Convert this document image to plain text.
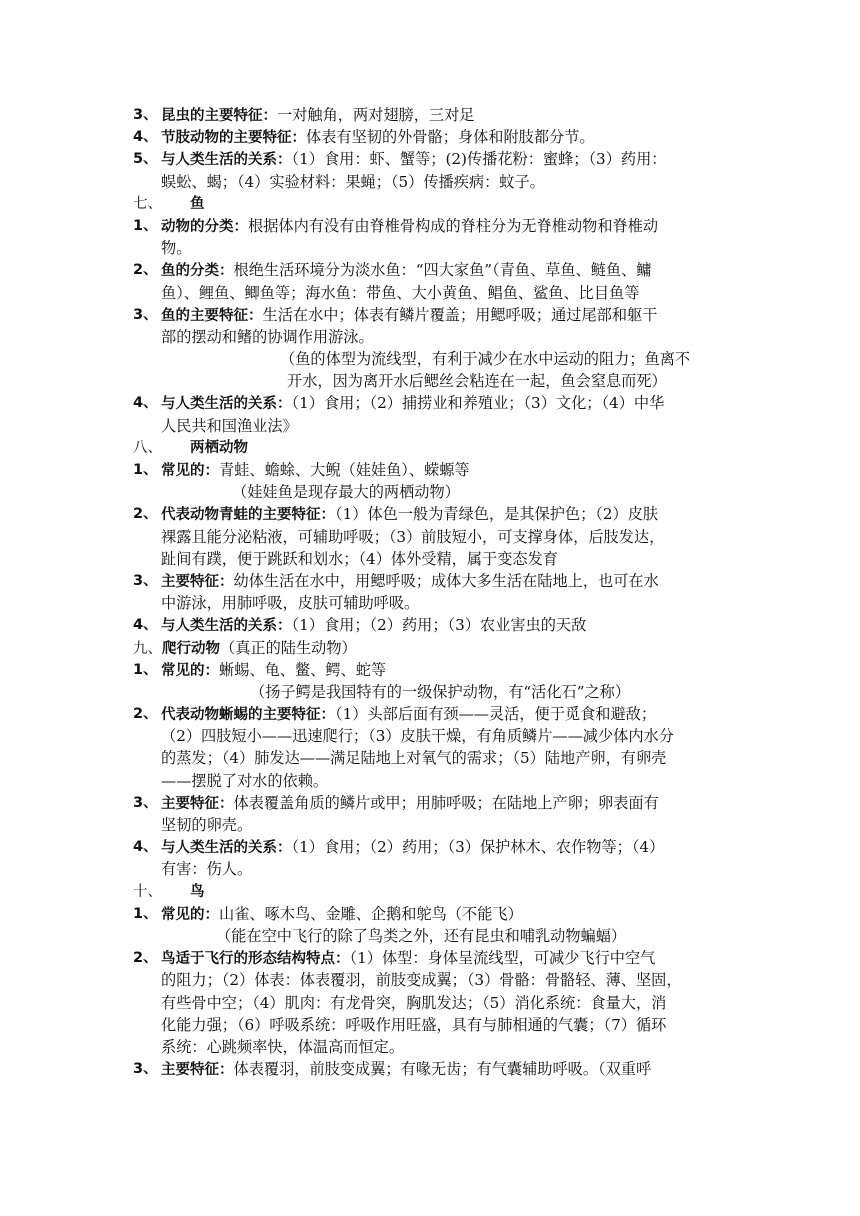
3、 昆虫的主要特征：一对触角，两对翅膀，三对足
4、 节肢动物的主要特征：体表有坚韧的外骨骼；身体和附肢都分节。
5、 与人类生活的关系：（1）食用：虾、蟹等；(2)传播花粉：蜜蜂；（3）药用：
蜈蚣、蝎；（4）实验材料：果蝇；（5）传播疾病：蚊子。
七、 鱼
1、 动物的分类：根据体内有没有由脊椎骨构成的脊柱分为无脊椎动物和脊椎动
物。
2、 鱼的分类：根绝生活环境分为淡水鱼：“四大家鱼”（青鱼、草鱼、鲢鱼、鳙
鱼）、鲤鱼、鲫鱼等；海水鱼：带鱼、大小黄鱼、鲳鱼、鲨鱼、比目鱼等
3、 鱼的主要特征：生活在水中；体表有鳞片覆盖；用鳃呼吸；通过尾部和躯干
部的摆动和鳍的协调作用游泳。
（鱼的体型为流线型，有利于减少在水中运动的阻力；鱼离不
开水，因为离开水后鳃丝会粘连在一起，鱼会窒息而死）
4、 与人类生活的关系：（1）食用；（2）捕捞业和养殖业；（3）文化；（4）中华
人民共和国渔业法》
八、 两栖动物
1、 常见的：青蛙、蟾蜍、大鲵（娃娃鱼）、蝾螈等
（娃娃鱼是现存最大的两栖动物）
2、 代表动物青蛙的主要特征：（1）体色一般为青绿色，是其保护色；（2）皮肤
裸露且能分泌粘液，可辅助呼吸；（3）前肢短小，可支撑身体，后肢发达，
趾间有蹼，便于跳跃和划水；（4）体外受精，属于变态发育
3、 主要特征：幼体生活在水中，用鳃呼吸；成体大多生活在陆地上，也可在水
中游泳，用肺呼吸，皮肤可辅助呼吸。
4、 与人类生活的关系：（1）食用；（2）药用；（3）农业害虫的天敌
九、爬行动物（真正的陆生动物）
1、 常见的：蜥蜴、龟、鳖、鳄、蛇等
（扬子鳄是我国特有的一级保护动物，有“活化石”之称）
2、 代表动物蜥蜴的主要特征：（1）头部后面有颈——灵活，便于觅食和避敌；
（2）四肢短小——迅速爬行；（3）皮肤干燥，有角质鳞片——减少体内水分
的蒸发；（4）肺发达——满足陆地上对氧气的需求；（5）陆地产卵，有卵壳
——摆脱了对水的依赖。
3、 主要特征：体表覆盖角质的鳞片或甲；用肺呼吸；在陆地上产卵；卵表面有
坚韧的卵壳。
4、 与人类生活的关系：（1）食用；（2）药用；（3）保护林木、农作物等；（4）
有害：伤人。
十、 鸟
1、 常见的：山雀、啄木鸟、金雕、企鹅和鸵鸟（不能飞）
（能在空中飞行的除了鸟类之外，还有昆虫和哺乳动物蝙蝠）
2、 鸟适于飞行的形态结构特点：（1）体型：身体呈流线型，可减少飞行中空气
的阻力；（2）体表：体表覆羽，前肢变成翼；（3）骨骼：骨骼轻、薄、坚固，
有些骨中空；（4）肌肉：有龙骨突，胸肌发达；（5）消化系统：食量大，消
化能力强；（6）呼吸系统：呼吸作用旺盛，具有与肺相通的气囊；（7）循环
系统：心跳频率快，体温高而恒定。
3、 主要特征：体表覆羽，前肢变成翼；有喙无齿；有气囊辅助呼吸。（双重呼
